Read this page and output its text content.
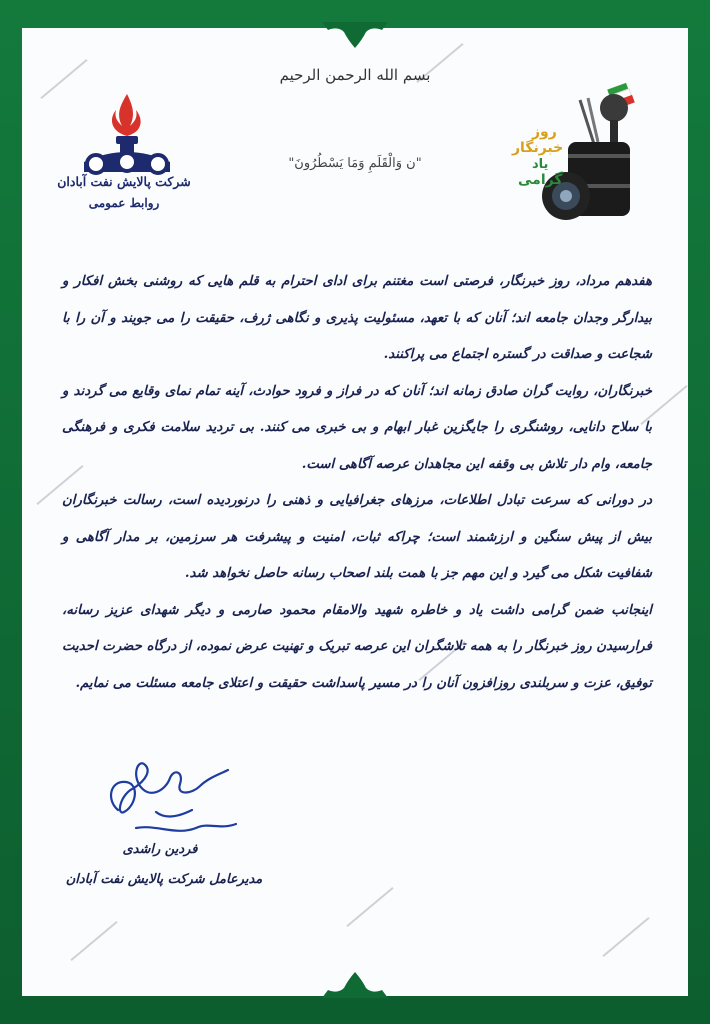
بسم الله الرحمن الرحیم
"ن وَالْقَلَمِ وَمَا يَسْطُرُونَ"
شرکت پالایش نفت آبادان
روابط عمومی
روز
خبرنگار
یاد
گرامی

هفدهم مرداد، روز خبرنگار، فرصتی است مغتنم برای ادای احترام به قلم هایی که روشنی بخش افکار و بیدارگر وجدان جامعه اند؛ آنان که با تعهد، مسئولیت پذیری و نگاهی ژرف، حقیقت را می جویند و آن را با شجاعت و صداقت در گستره اجتماع می پراکنند.

خبرنگاران، روایت گران صادق زمانه اند؛ آنان که در فراز و فرود حوادث، آینه تمام نمای وقایع می گردند و با سلاح دانایی، روشنگری را جایگزین غبار ابهام و بی خبری می کنند. بی تردید سلامت فکری و فرهنگی جامعه، وام دار تلاش بی وقفه این مجاهدان عرصه آگاهی است.

در دورانی که سرعت تبادل اطلاعات، مرزهای جغرافیایی و ذهنی را درنوردیده است، رسالت خبرنگاران بیش از پیش سنگین و ارزشمند است؛ چراکه ثبات، امنیت و پیشرفت هر سرزمین، بر مدار آگاهی و شفافیت شکل می گیرد و این مهم جز با همت بلند اصحاب رسانه حاصل نخواهد شد.

اینجانب ضمن گرامی داشت یاد و خاطره شهید والامقام محمود صارمی و دیگر شهدای عزیز رسانه، فرارسیدن روز خبرنگار را به همه تلاشگران این عرصه تبریک و تهنیت عرض نموده، از درگاه حضرت احدیت توفیق، عزت و سربلندی روزافزون آنان را در مسیر پاسداشت حقیقت و اعتلای جامعه مسئلت می نمایم.

فردین راشدی
مدیرعامل شرکت پالایش نفت آبادان
